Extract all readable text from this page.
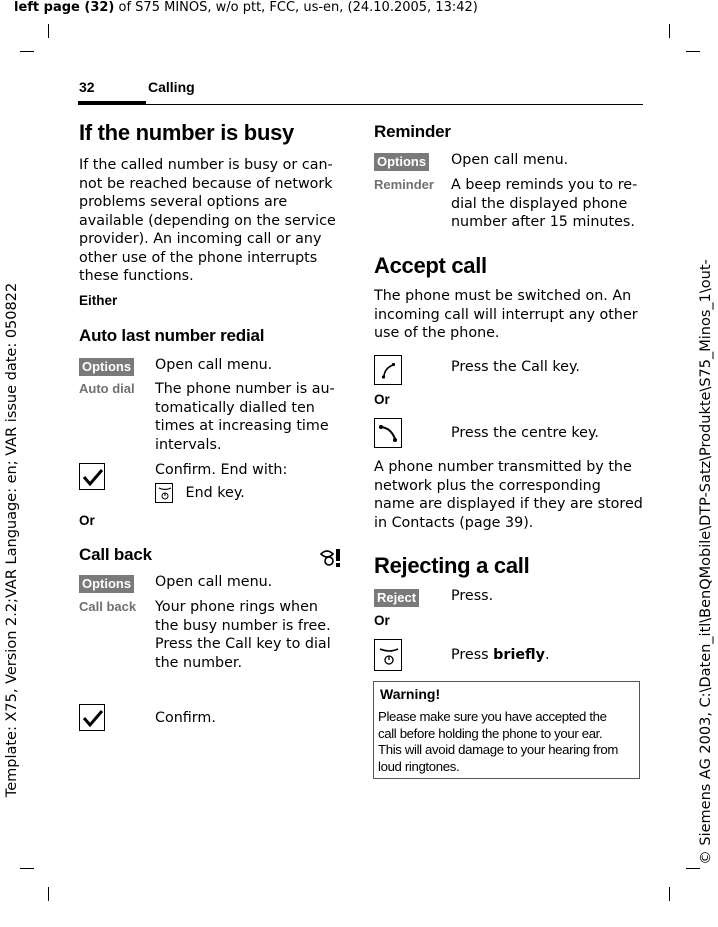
left page (32) of S75 MINOS, w/o ptt, FCC, us-en, (24.10.2005, 13:42)
Template: X75, Version 2.2;VAR Language: en; VAR issue date: 050822	© Siemens AG 2003, C:\Daten_itl\BenQMobile\DTP-Satz\Produkte\S75_Minos_1\out-
32	Calling
If the number is busy
If the called number is busy or can-
not be reached because of network
problems several options are
available (depending on the service
provider). An incoming call or any
other use of the phone interrupts
these functions.
Either
Auto last number redial
Options Open call menu.
Auto dial The phone number is au-
tomatically dialled ten
times at increasing time
intervals.
Confirm. End with:
End key.
Or
Call back
Options Open call menu.
Call back Your phone rings when
the busy number is free.
Press the Call key to dial
the number.
Confirm.
Reminder
Options Open call menu.
Reminder A beep reminds you to re-
dial the displayed phone
number after 15 minutes.
Accept call
The phone must be switched on. An
incoming call will interrupt any other
use of the phone.
Press the Call key.
Or
Press the centre key.
A phone number transmitted by the
network plus the corresponding
name are displayed if they are stored
in Contacts (page 39).
Rejecting a call
Reject Press.
Or
Press briefly.
Warning!
Please make sure you have accepted the
call before holding the phone to your ear.
This will avoid damage to your hearing from
loud ringtones.
